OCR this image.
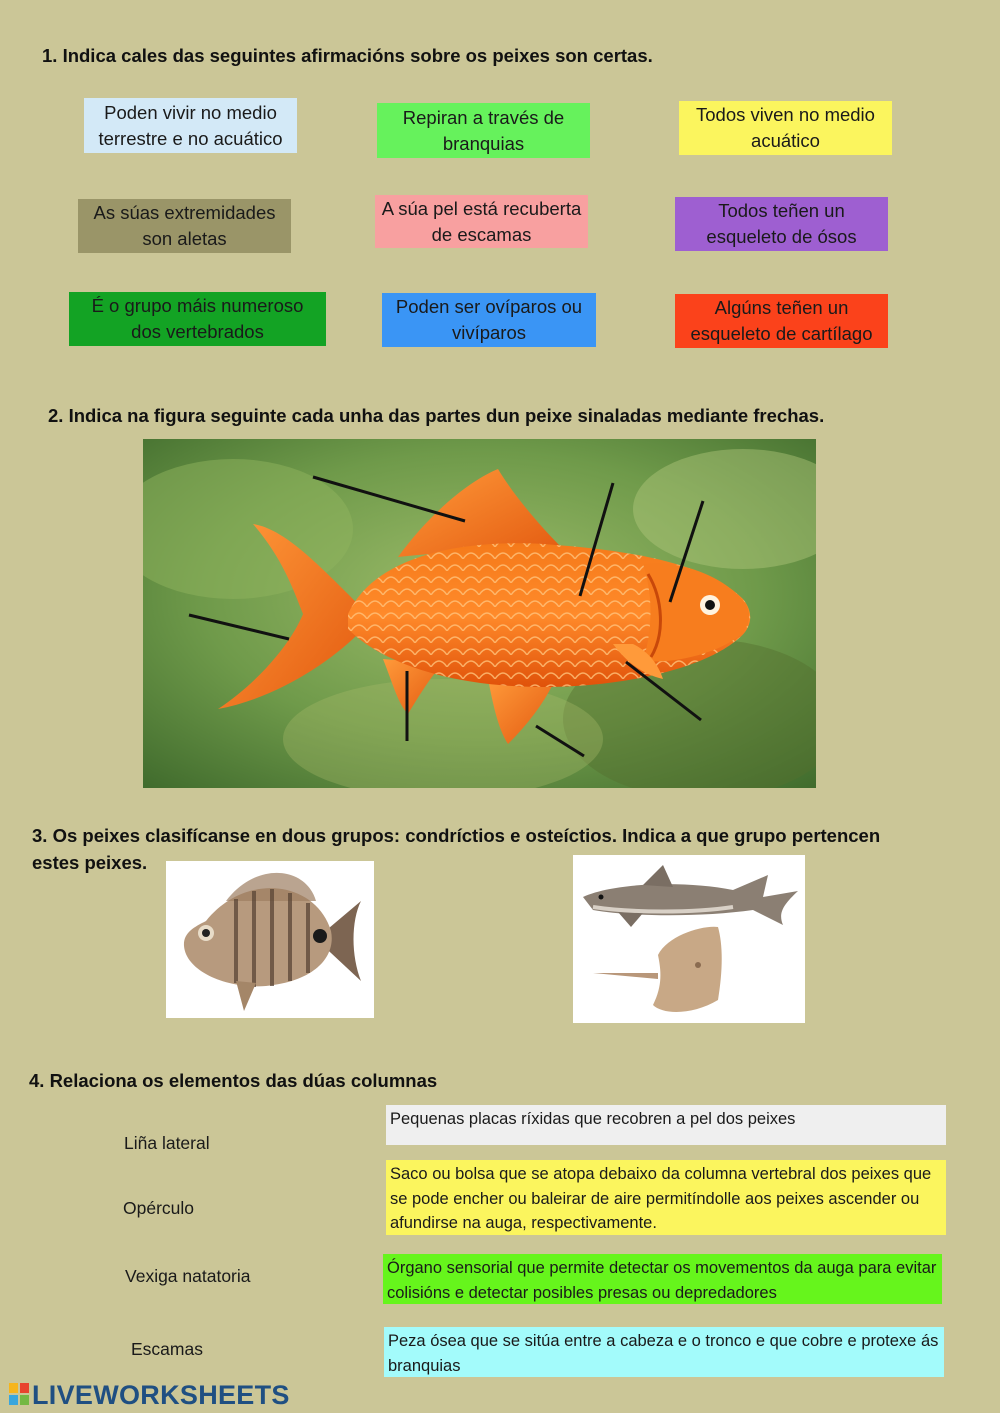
1. Indica cales das seguintes afirmacións sobre os peixes son certas.
Poden vivir no medio terrestre e no acuático
Repiran a través de branquias
Todos viven no medio acuático
As súas extremidades son aletas
A súa pel está recuberta de escamas
Todos teñen un esqueleto de ósos
É o grupo máis numeroso dos vertebrados
Poden ser ovíparos ou vivíparos
Algúns teñen un esqueleto de cartílago
2. Indica na figura seguinte cada unha das partes dun peixe sinaladas mediante frechas.
3. Os peixes clasifícanse en dous grupos: condríctios e osteíctios. Indica a que grupo pertencen
estes peixes.
4. Relaciona os elementos das dúas columnas
Liña lateral
Opérculo
Vexiga natatoria
Escamas
Pequenas placas ríxidas que recobren a pel dos peixes
Saco ou bolsa que se atopa debaixo da columna vertebral dos peixes que se pode encher ou baleirar de aire permitíndolle aos peixes ascender ou afundirse na auga, respectivamente.
Órgano sensorial que permite detectar os movementos da auga para evitar colisións e detectar posibles presas ou depredadores
Peza ósea que se sitúa entre a cabeza e o tronco e que cobre e protexe ás branquias
LIVEWORKSHEETS
